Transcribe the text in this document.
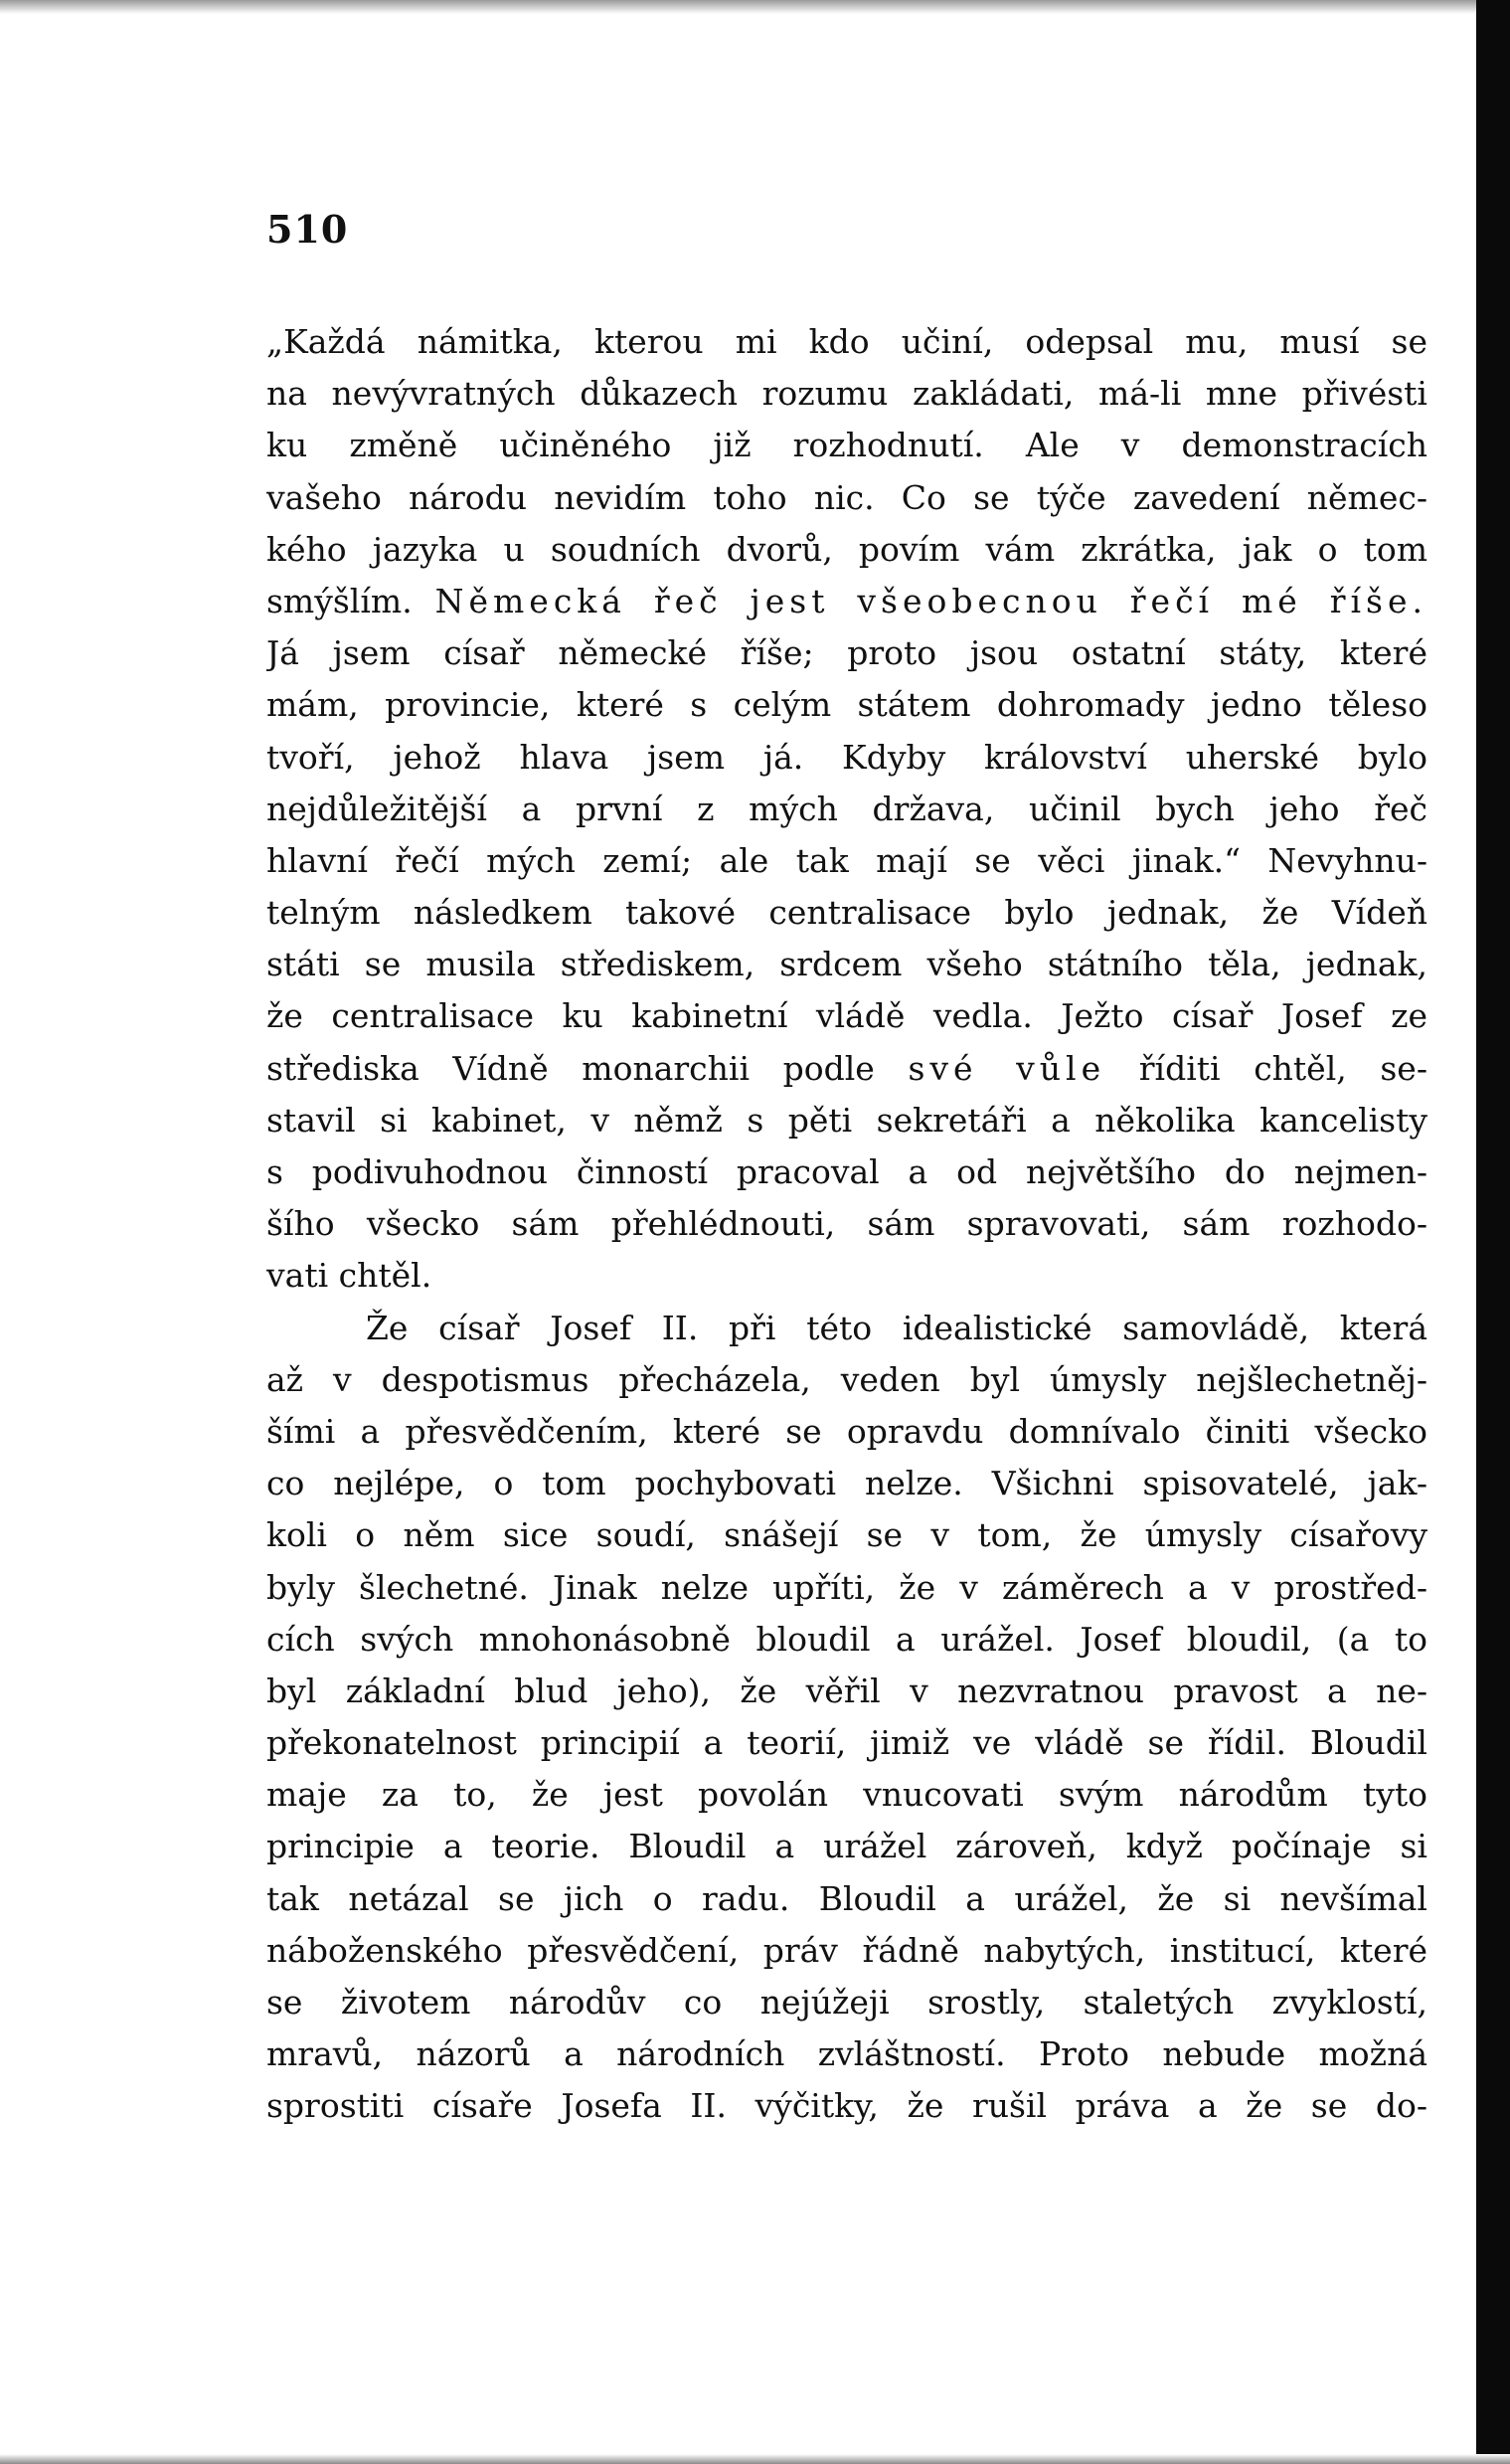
510
„Každá námitka, kterou mi kdo učiní, odepsal mu, musí se
na nevývratných důkazech rozumu zakládati, má-li mne přivésti
ku změně učiněného již rozhodnutí. Ale v demonstracích
vašeho národu nevidím toho nic. Co se týče zavedení němec-
kého jazyka u soudních dvorů, povím vám zkrátka, jak o tom
smýšlím. Německá řeč jest všeobecnou řečí mé říše.
Já jsem císař německé říše; proto jsou ostatní státy, které
mám, provincie, které s celým státem dohromady jedno těleso
tvoří, jehož hlava jsem já. Kdyby království uherské bylo
nejdůležitější a první z mých država, učinil bych jeho řeč
hlavní řečí mých zemí; ale tak mají se věci jinak.“ Nevyhnu-
telným následkem takové centralisace bylo jednak, že Vídeň
státi se musila střediskem, srdcem všeho státního těla, jednak,
že centralisace ku kabinetní vládě vedla. Ježto císař Josef ze
střediska Vídně monarchii podle své vůle říditi chtěl, se-
stavil si kabinet, v němž s pěti sekretáři a několika kancelisty
s podivuhodnou činností pracoval a od největšího do nejmen-
šího všecko sám přehlédnouti, sám spravovati, sám rozhodo-
vati chtěl.
Že císař Josef II. při této idealistické samovládě, která
až v despotismus přecházela, veden byl úmysly nejšlechetněj-
šími a přesvědčením, které se opravdu domnívalo činiti všecko
co nejlépe, o tom pochybovati nelze. Všichni spisovatelé, jak-
koli o něm sice soudí, snášejí se v tom, že úmysly císařovy
byly šlechetné. Jinak nelze upříti, že v záměrech a v prostřed-
cích svých mnohonásobně bloudil a urážel. Josef bloudil, (a to
byl základní blud jeho), že věřil v nezvratnou pravost a ne-
překonatelnost principií a teorií, jimiž ve vládě se řídil. Bloudil
maje za to, že jest povolán vnucovati svým národům tyto
principie a teorie. Bloudil a urážel zároveň, když počínaje si
tak netázal se jich o radu. Bloudil a urážel, že si nevšímal
náboženského přesvědčení, práv řádně nabytých, institucí, které
se životem národův co nejúžeji srostly, staletých zvyklostí,
mravů, názorů a národních zvláštností. Proto nebude možná
sprostiti císaře Josefa II. výčitky, že rušil práva a že se do-
